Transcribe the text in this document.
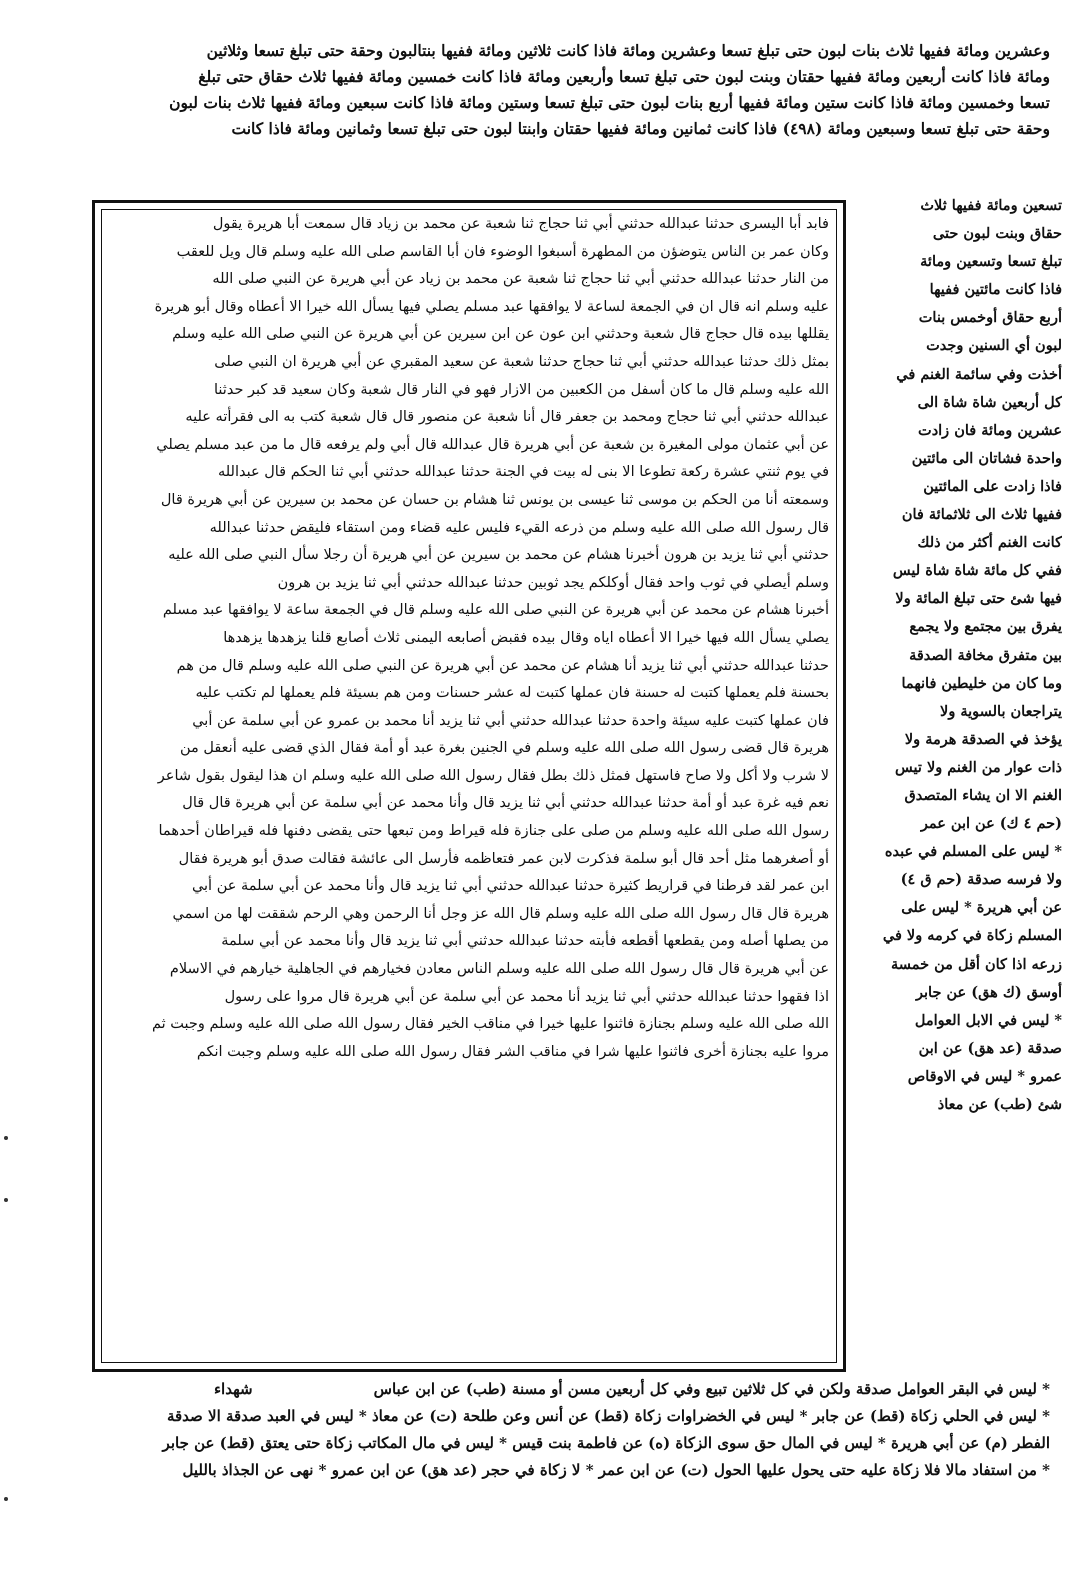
وعشرين ومائة ففيها ثلاث بنات لبون حتى تبلغ تسعا وعشرين ومائة فاذا كانت ثلاثين ومائة ففيها بنتالبون وحقة حتى تبلغ تسعا وثلاثين
ومائة فاذا كانت أربعين ومائة ففيها حقتان وبنت لبون حتى تبلغ تسعا وأربعين ومائة فاذا كانت خمسين ومائة ففيها ثلاث حقاق حتى تبلغ
تسعا وخمسين ومائة فاذا كانت ستين ومائة ففيها أربع بنات لبون حتى تبلغ تسعا وستين ومائة فاذا كانت سبعين ومائة ففيها ثلاث بنات لبون
وحقة حتى تبلغ تسعا وسبعين ومائة (٤٩٨) فاذا كانت ثمانين ومائة ففيها حقتان وابنتا لبون حتى تبلغ تسعا وثمانين ومائة فاذا كانت
فابد أبا اليسرى حدثنا عبدالله حدثني أبي ثنا حجاج ثنا شعبة عن محمد بن زياد قال سمعت أبا هريرة يقول
وكان عمر بن الناس يتوضؤن من المطهرة أسبغوا الوضوء فان أبا القاسم صلى الله عليه وسلم قال ويل للعقب
من النار حدثنا عبدالله حدثني أبي ثنا حجاج ثنا شعبة عن محمد بن زياد عن أبي هريرة عن النبي صلى الله
عليه وسلم انه قال ان في الجمعة لساعة لا يوافقها عبد مسلم يصلي فيها يسأل الله خيرا الا أعطاه وقال أبو هريرة
يقللها بيده قال حجاج قال شعبة وحدثني ابن عون عن ابن سيرين عن أبي هريرة عن النبي صلى الله عليه وسلم
بمثل ذلك حدثنا عبدالله حدثني أبي ثنا حجاج حدثنا شعبة عن سعيد المقبري عن أبي هريرة ان النبي صلى
الله عليه وسلم قال ما كان أسفل من الكعبين من الازار فهو في النار قال شعبة وكان سعيد قد كبر حدثنا
عبدالله حدثني أبي ثنا حجاج ومحمد بن جعفر قال أنا شعبة عن منصور قال قال شعبة كتب به الى فقرأته عليه
عن أبي عثمان مولى المغيرة بن شعبة عن أبي هريرة قال عبدالله قال أبي ولم يرفعه قال ما من عبد مسلم يصلي
في يوم ثنتي عشرة ركعة تطوعا الا بنى له بيت في الجنة حدثنا عبدالله حدثني أبي ثنا الحكم قال عبدالله
وسمعته أنا من الحكم بن موسى ثنا عيسى بن يونس ثنا هشام بن حسان عن محمد بن سيرين عن أبي هريرة قال
قال رسول الله صلى الله عليه وسلم من ذرعه القيء فليس عليه قضاء ومن استقاء فليقض حدثنا عبدالله
حدثني أبي ثنا يزيد بن هرون أخبرنا هشام عن محمد بن سيرين عن أبي هريرة أن رجلا سأل النبي صلى الله عليه
وسلم أيصلي في ثوب واحد فقال أوكلكم يجد ثوبين حدثنا عبدالله حدثني أبي ثنا يزيد بن هرون
أخبرنا هشام عن محمد عن أبي هريرة عن النبي صلى الله عليه وسلم قال في الجمعة ساعة لا يوافقها عبد مسلم
يصلي يسأل الله فيها خيرا الا أعطاه اياه وقال بيده فقبض أصابعه اليمنى ثلاث أصابع قلنا يزهدها يزهدها
حدثنا عبدالله حدثني أبي ثنا يزيد أنا هشام عن محمد عن أبي هريرة عن النبي صلى الله عليه وسلم قال من هم
بحسنة فلم يعملها كتبت له حسنة فان عملها كتبت له عشر حسنات ومن هم بسيئة فلم يعملها لم تكتب عليه
فان عملها كتبت عليه سيئة واحدة حدثنا عبدالله حدثني أبي ثنا يزيد أنا محمد بن عمرو عن أبي سلمة عن أبي
هريرة قال قضى رسول الله صلى الله عليه وسلم في الجنين بغرة عبد أو أمة فقال الذي قضى عليه أنعقل من
لا شرب ولا أكل ولا صاح فاستهل فمثل ذلك بطل فقال رسول الله صلى الله عليه وسلم ان هذا ليقول بقول شاعر
نعم فيه غرة عبد أو أمة حدثنا عبدالله حدثني أبي ثنا يزيد قال وأنا محمد عن أبي سلمة عن أبي هريرة قال قال
رسول الله صلى الله عليه وسلم من صلى على جنازة فله قيراط ومن تبعها حتى يقضى دفنها فله قيراطان أحدهما
أو أصغرهما مثل أحد قال أبو سلمة فذكرت لابن عمر فتعاظمه فأرسل الى عائشة فقالت صدق أبو هريرة فقال
ابن عمر لقد فرطنا في قراريط كثيرة حدثنا عبدالله حدثني أبي ثنا يزيد قال وأنا محمد عن أبي سلمة عن أبي
هريرة قال قال رسول الله صلى الله عليه وسلم قال الله عز وجل أنا الرحمن وهي الرحم شققت لها من اسمي
من يصلها أصله ومن يقطعها أقطعه فأبته حدثنا عبدالله حدثني أبي ثنا يزيد قال وأنا محمد عن أبي سلمة
عن أبي هريرة قال قال رسول الله صلى الله عليه وسلم الناس معادن فخيارهم في الجاهلية خيارهم في الاسلام
اذا فقهوا حدثنا عبدالله حدثني أبي ثنا يزيد أنا محمد عن أبي سلمة عن أبي هريرة قال مروا على رسول
الله صلى الله عليه وسلم بجنازة فاثنوا عليها خيرا في مناقب الخير فقال رسول الله صلى الله عليه وسلم وجبت ثم
مروا عليه بجنازة أخرى فاثنوا عليها شرا في مناقب الشر فقال رسول الله صلى الله عليه وسلم وجبت انكم
تسعين ومائة ففيها ثلاث
حقاق وبنت لبون حتى
تبلغ تسعا وتسعين ومائة
فاذا كانت مائتين ففيها
أربع حقاق أوخمس بنات
لبون أي السنين وجدت
أخذت وفي سائمة الغنم في
كل أربعين شاة شاة الى
عشرين ومائة فان زادت
واحدة فشاتان الى مائتين
فاذا زادت على المائتين
ففيها ثلاث الى ثلاثمائة فان
كانت الغنم أكثر من ذلك
ففي كل مائة شاة شاة ليس
فيها شئ حتى تبلغ المائة ولا
يفرق بين مجتمع ولا يجمع
بين متفرق مخافة الصدقة
وما كان من خليطين فانهما
يتراجعان بالسوية ولا
يؤخذ في الصدقة هرمة ولا
ذات عوار من الغنم ولا تيس
الغنم الا ان يشاء المتصدق
(حم ٤ ك) عن ابن عمر
* ليس على المسلم في عبده
ولا فرسه صدقة (حم ق ٤)
عن أبي هريرة * ليس على
المسلم زكاة في كرمه ولا في
زرعه اذا كان أقل من خمسة
أوسق (ك هق) عن جابر
* ليس في الابل العوامل
صدقة (عد هق) عن ابن
عمرو * ليس في الاوقاص
شئ (طب) عن معاذ
* ليس في البقر العوامل صدقة ولكن في كل ثلاثين تبيع وفي كل أربعين مسن أو مسنة (طب) عن ابن عباس
* ليس في الحلي زكاة (قط) عن جابر * ليس في الخضراوات زكاة (قط) عن أنس وعن طلحة (ت) عن معاذ * ليس في العبد صدقة الا صدقة
الفطر (م) عن أبي هريرة * ليس في المال حق سوى الزكاة (ه) عن فاطمة بنت قيس * ليس في مال المكاتب زكاة حتى يعتق (قط) عن جابر
* من استفاد مالا فلا زكاة عليه حتى يحول عليها الحول (ت) عن ابن عمر * لا زكاة في حجر (عد هق) عن ابن عمرو * نهى عن الجذاذ بالليل
شهداء
